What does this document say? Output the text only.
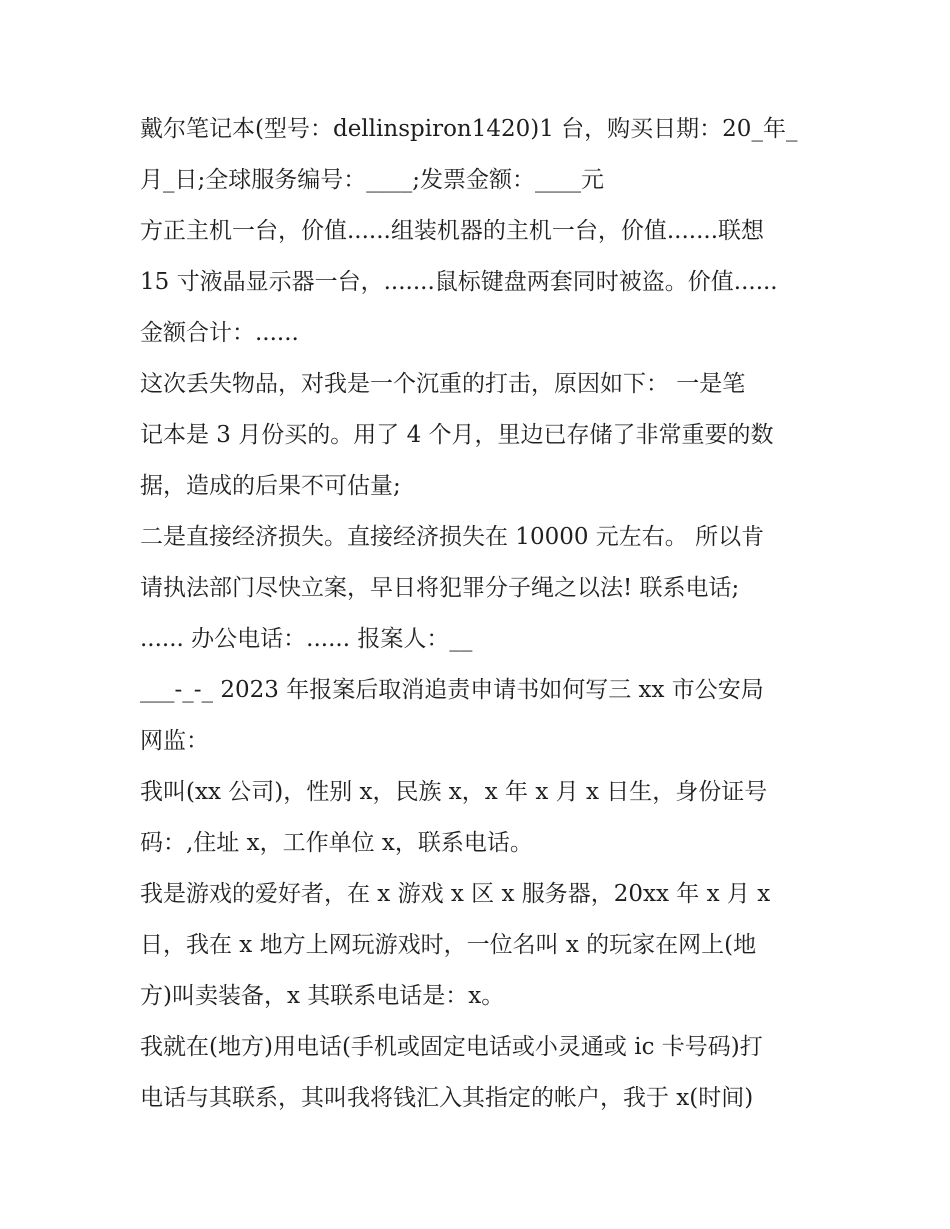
戴尔笔记本(型号：dellinspiron1420)1 台，购买日期：20_年_
月_日;全球服务编号：____;发票金额：____元
方正主机一台，价值......组装机器的主机一台，价值.......联想
15 寸液晶显示器一台，.......鼠标键盘两套同时被盗。价值......
金额合计：......
这次丢失物品，对我是一个沉重的打击，原因如下： 一是笔
记本是 3 月份买的。用了 4 个月，里边已存储了非常重要的数
据，造成的后果不可估量;
二是直接经济损失。直接经济损失在 10000 元左右。 所以肯
请执法部门尽快立案，早日将犯罪分子绳之以法! 联系电话;
...... 办公电话：...... 报案人：__
___-_-_ 2023 年报案后取消追责申请书如何写三 xx 市公安局
网监：
我叫(xx 公司)，性别 x，民族 x，x 年 x 月 x 日生，身份证号
码：,住址 x，工作单位 x，联系电话。
我是游戏的爱好者，在 x 游戏 x 区 x 服务器，20xx 年 x 月 x
日，我在 x 地方上网玩游戏时，一位名叫 x 的玩家在网上(地
方)叫卖装备，x 其联系电话是：x。
我就在(地方)用电话(手机或固定电话或小灵通或 ic 卡号码)打
电话与其联系，其叫我将钱汇入其指定的帐户，我于 x(时间)
